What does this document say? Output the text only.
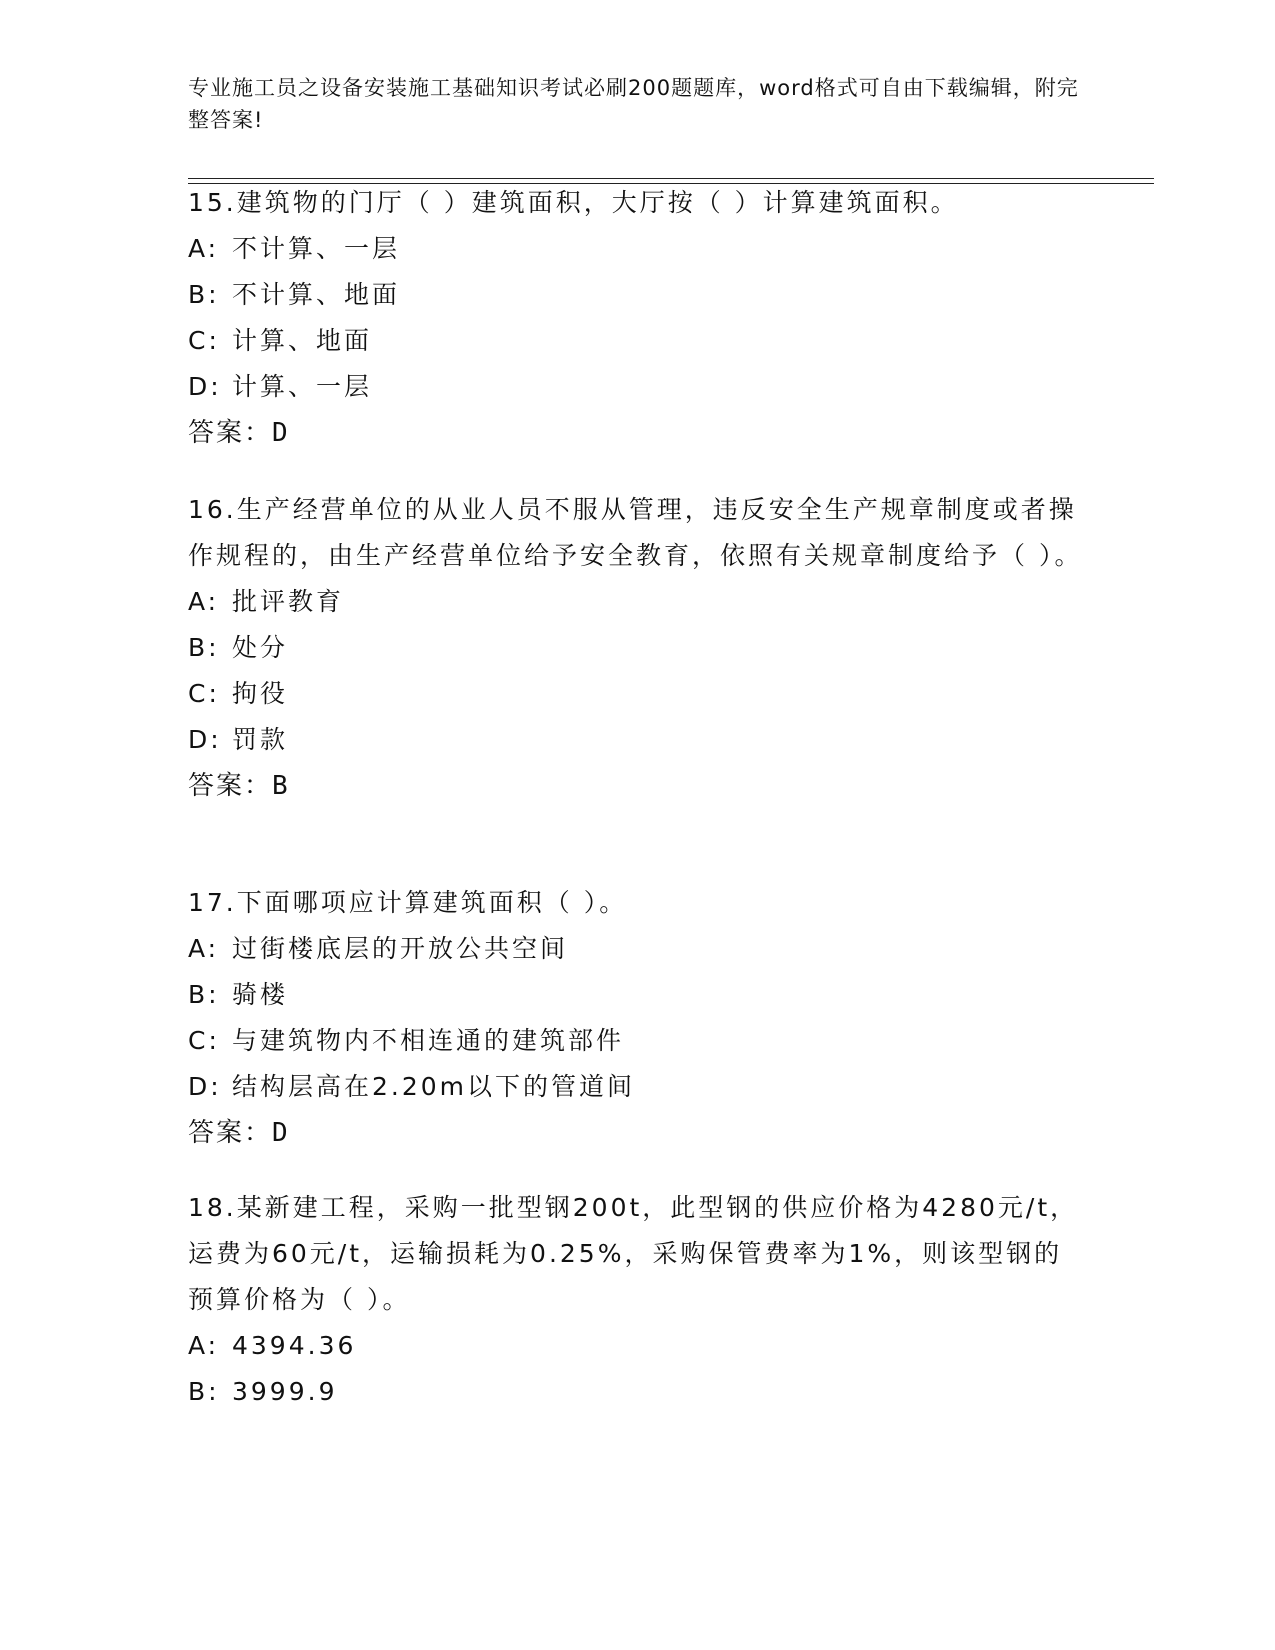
专业施工员之设备安装施工基础知识考试必刷200题题库，word格式可自由下载编辑，附完整答案!

15.建筑物的门厅（ ）建筑面积，大厅按（ ）计算建筑面积。

A: 不计算、一层
B: 不计算、地面
C: 计算、地面
D: 计算、一层

答案：D

16.生产经营单位的从业人员不服从管理，违反安全生产规章制度或者操作规程的，由生产经营单位给予安全教育，依照有关规章制度给予（ ）。

A: 批评教育
B: 处分
C: 拘役
D: 罚款

答案：B

17.下面哪项应计算建筑面积（ ）。

A: 过街楼底层的开放公共空间
B: 骑楼
C: 与建筑物内不相连通的建筑部件
D: 结构层高在2.20m以下的管道间

答案：D

18.某新建工程，采购一批型钢200t，此型钢的供应价格为4280元/t，运费为60元/t，运输损耗为0.25%，采购保管费率为1%，则该型钢的预算价格为（ ）。

A: 4394.36
B: 3999.9
